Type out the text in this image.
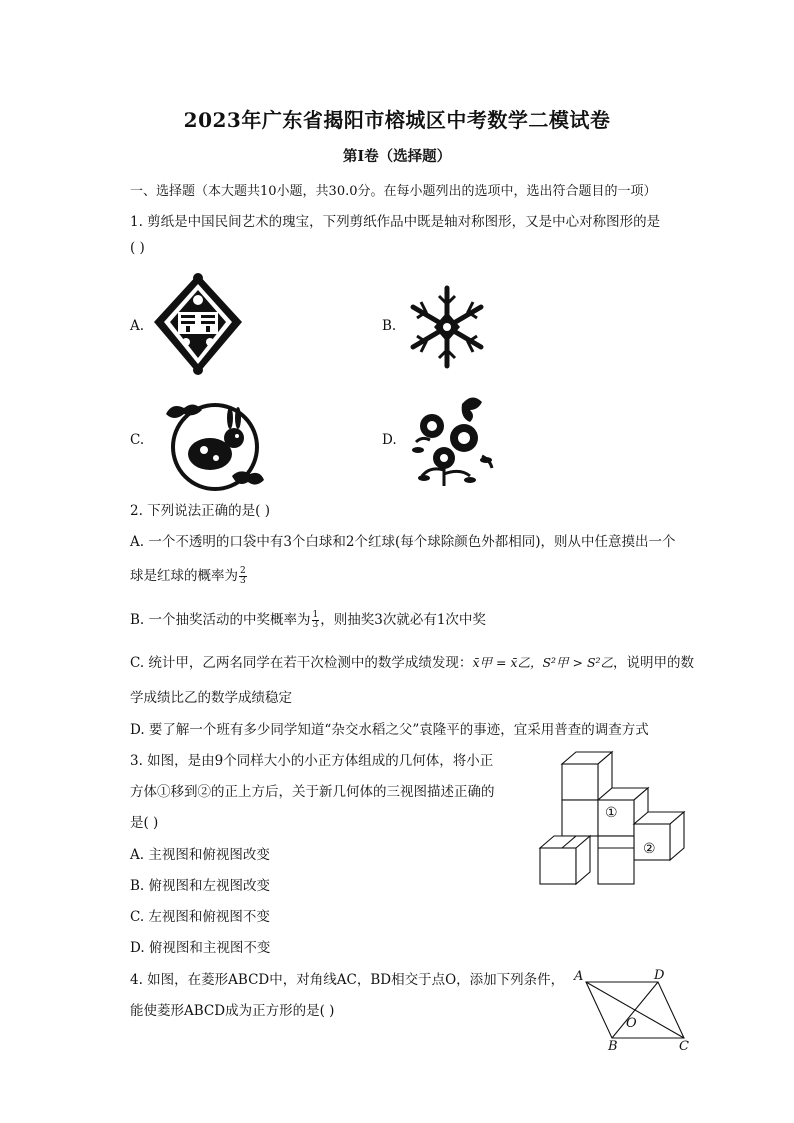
2023年广东省揭阳市榕城区中考数学二模试卷
第I卷（选择题）
一、选择题（本大题共10小题，共30.0分。在每小题列出的选项中，选出符合题目的一项）
1. 剪纸是中国民间艺术的瑰宝，下列剪纸作品中既是轴对称图形，又是中心对称图形的是
( )
A.	B.
C.	D.
2. 下列说法正确的是( )
A. 一个不透明的口袋中有3个白球和2个红球(每个球除颜色外都相同)，则从中任意摸出一个
球是红球的概率为 $\frac{2}{3}$
B. 一个抽奖活动的中奖概率为 $\frac{1}{3}$ ，则抽奖3次就必有1次中奖
C. 统计甲，乙两名同学在若干次检测中的数学成绩发现：x̄甲 = x̄乙，S²甲 > S²乙，说明甲的数
学成绩比乙的数学成绩稳定
D. 要了解一个班有多少同学知道“杂交水稻之父”袁隆平的事迹，宜采用普查的调查方式
3. 如图，是由9个同样大小的小正方体组成的几何体，将小正
方体①移到②的正上方后，关于新几何体的三视图描述正确的
是( )
A. 主视图和俯视图改变
B. 俯视图和左视图改变
C. 左视图和俯视图不变
D. 俯视图和主视图不变
①
②
4. 如图，在菱形ABCD中，对角线AC，BD相交于点O，添加下列条件，
能使菱形ABCD成为正方形的是( )
A	D
O
B	C
